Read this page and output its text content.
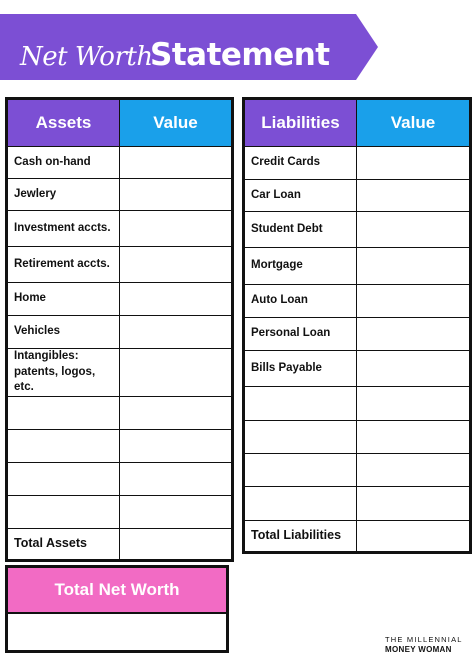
Net Worth
Statement
Assets	Value
Cash on-hand	
Jewlery	
Investment accts.	
Retirement accts.	
Home	
Vehicles	
Intangibles: patents, logos, etc.	

Total Assets	
Liabilities	Value
Credit Cards	
Car Loan	
Student Debt	
Mortgage	
Auto Loan	
Personal Loan	
Bills Payable	

Total Liabilities	
Total Net Worth
THE MILLENNIAL
MONEY WOMAN
